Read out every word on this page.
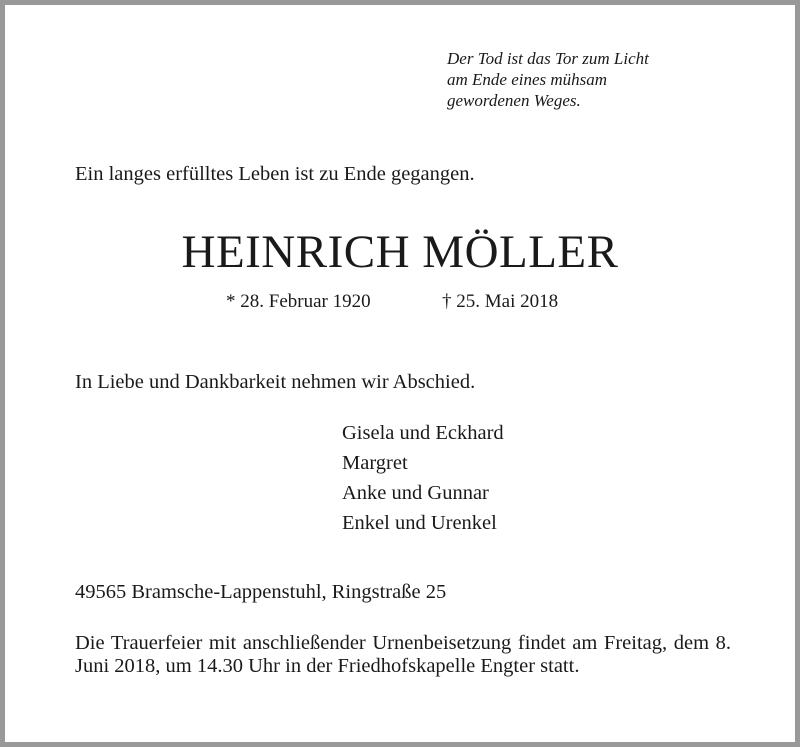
Der Tod ist das Tor zum Licht
am Ende eines mühsam
gewordenen Weges.

Ein langes erfülltes Leben ist zu Ende gegangen.

HEINRICH MÖLLER

* 28. Februar 1920	† 25. Mai 2018

In Liebe und Dankbarkeit nehmen wir Abschied.

Gisela und Eckhard
Margret
Anke und Gunnar
Enkel und Urenkel

49565 Bramsche-Lappenstuhl, Ringstraße 25

Die Trauerfeier mit anschließender Urnenbeisetzung findet am Freitag, dem 8. Juni 2018, um 14.30 Uhr in der Friedhofskapelle Engter statt.
